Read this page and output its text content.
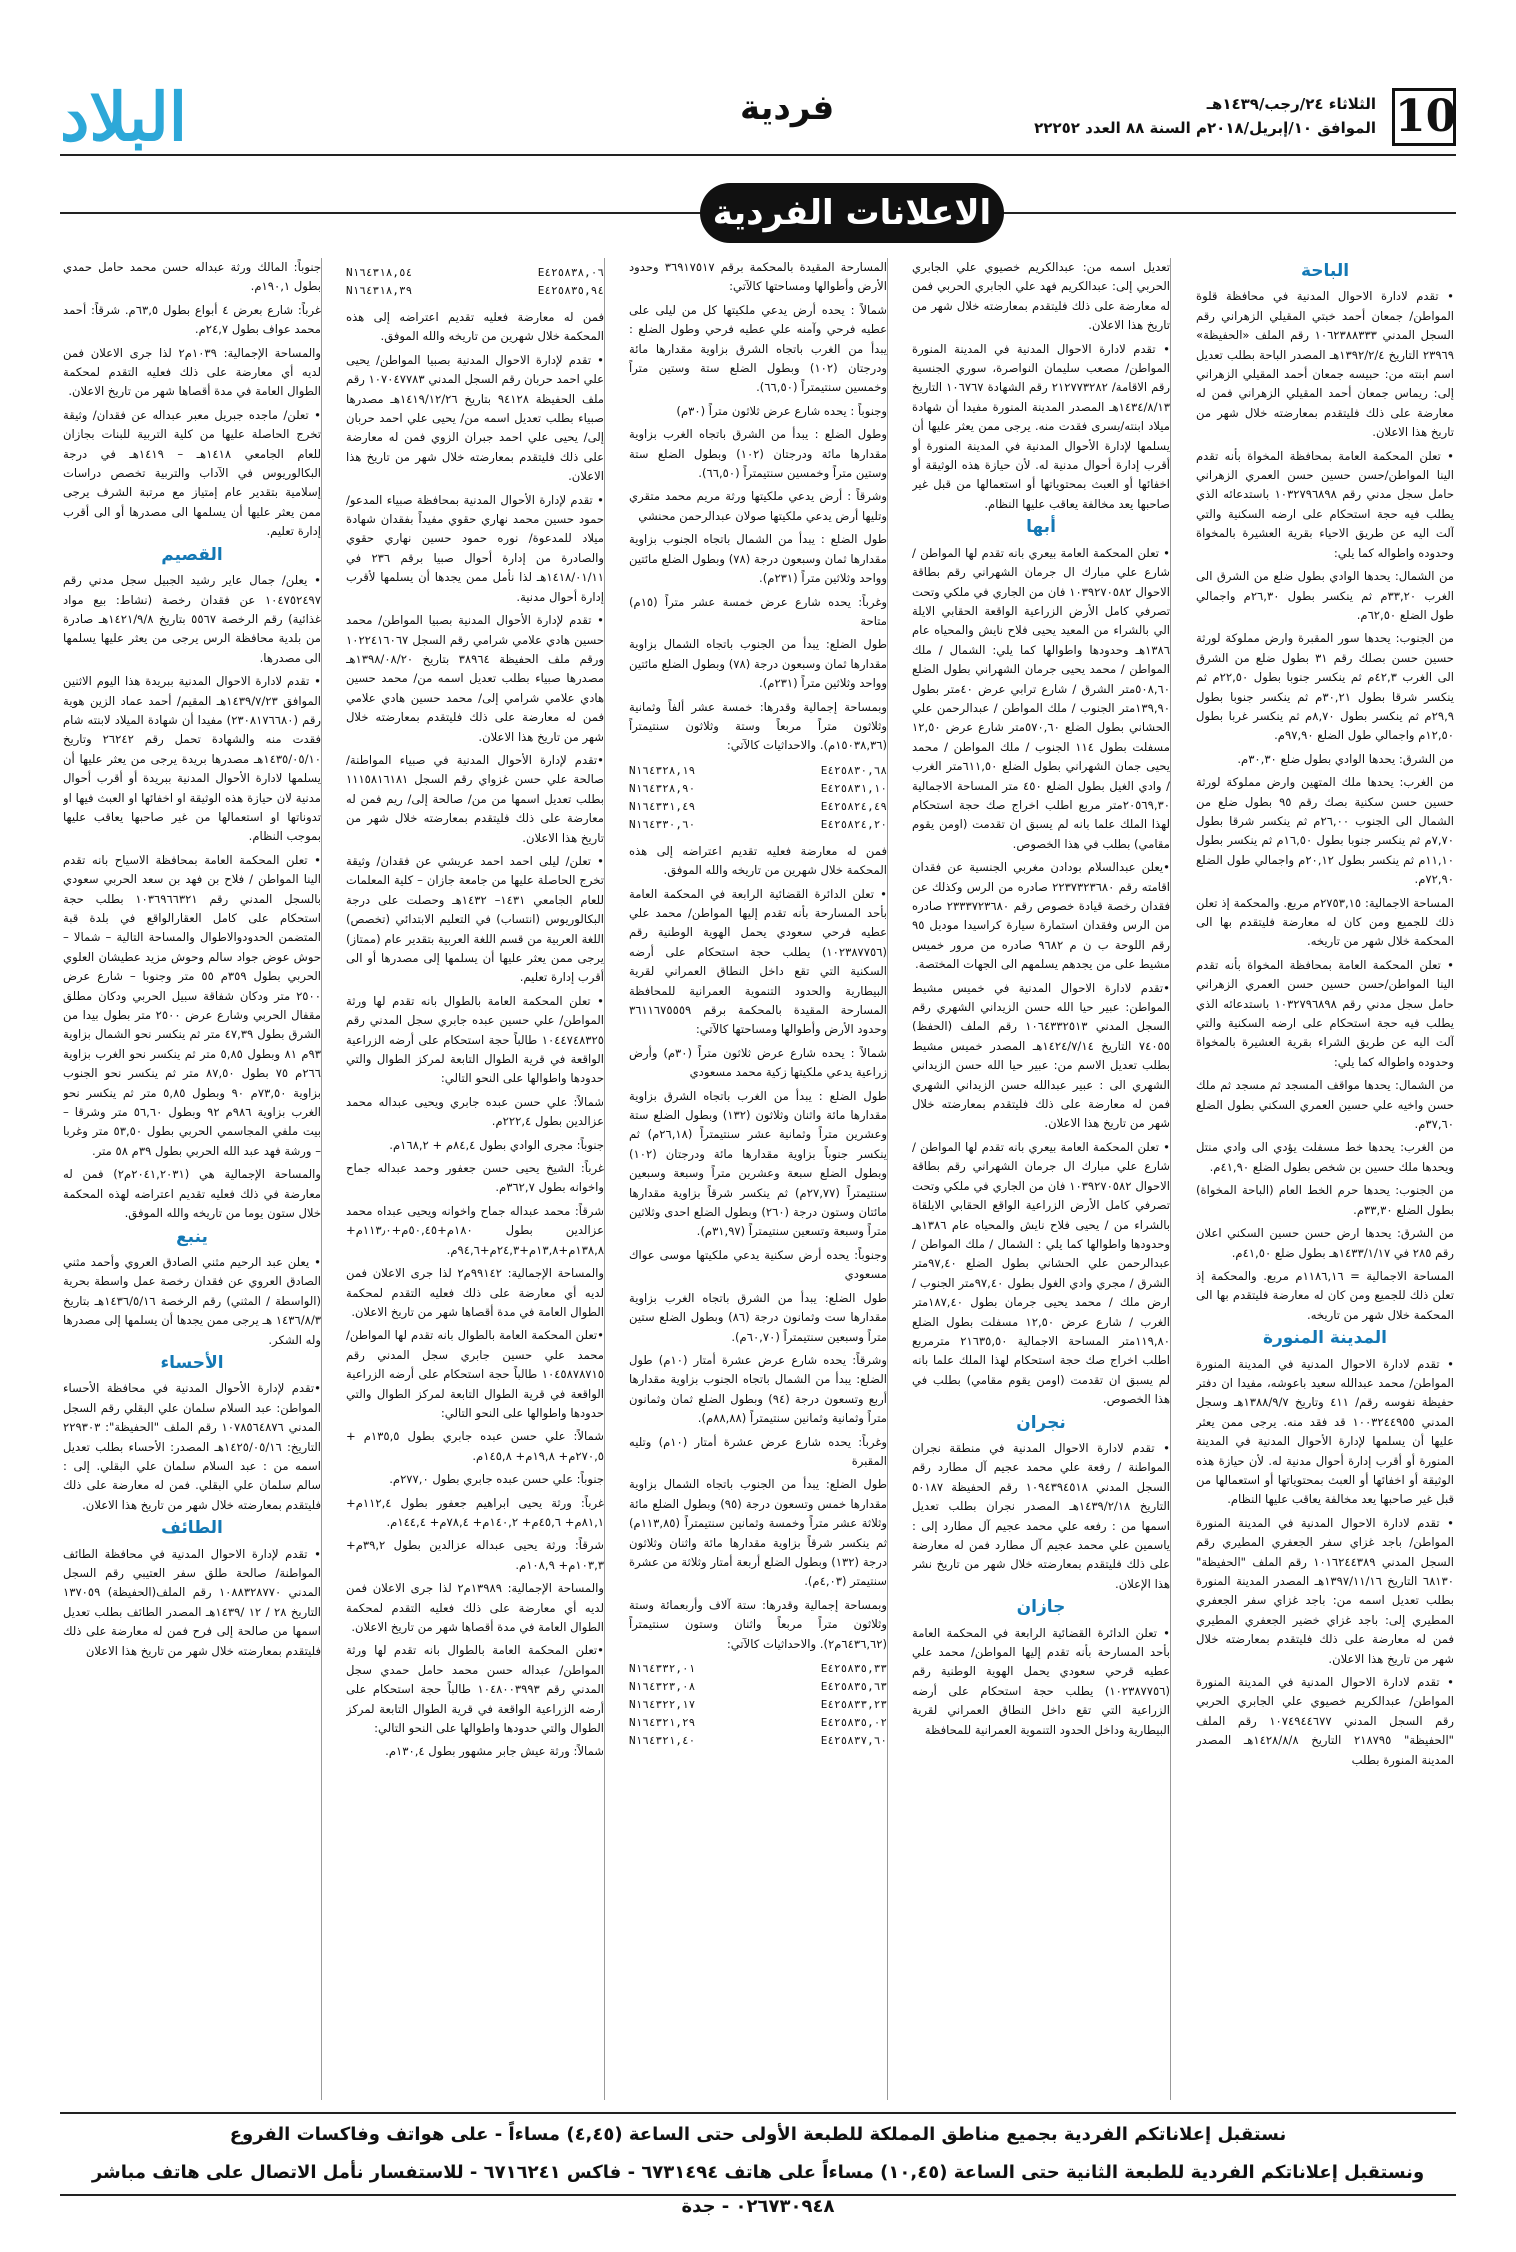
10
الثلاثاء ٢٤/رجب/١٤٣٩هـ
الموافق ١٠/إبريل/٢٠١٨م السنة ٨٨ العدد ٢٢٢٥٢
فردية
البلاد
الاعلانات الفردية
الباحة

• تقدم لادارة الاحوال المدنية في محافظة قلوة المواطن/ جمعان أحمد خبتي المقيلي الزهراني رقم السجل المدني ١٠٦٢٣٨٨٣٣٣ رقم الملف «الحفيظة» ٢٣٩٦٩ التاريخ ١٣٩٢/٢/٤هـ المصدر الباحة بطلب تعديل اسم ابنته من: حبيسه جمعان أحمد المقيلي الزهراني إلى: ريماس جمعان أحمد المقيلي الزهراني فمن له معارضة على ذلك فليتقدم بمعارضته خلال شهر من تاريخ هذا الاعلان.

• تعلن المحكمة العامة بمحافظة المخواة بأنه تقدم الينا المواطن/حسن حسين حسن العمري الزهراني حامل سجل مدني رقم ١٠٣٢٧٩٦٨٩٨ باستدعائه الذي يطلب فيه حجة استحكام على ارضه السكنية والتي آلت اليه عن طريق الاحياء بقرية العشيرة بالمخواة وحدوده واطواله كما يلي:

من الشمال: يحدها الوادي بطول ضلع من الشرق الى الغرب ٣٣,٢٠م ثم ينكسر بطول ٢٦,٣٠م واجمالي طول الضلع ٦٢,٥٠م.

من الجنوب: يحدها سور المقبرة وارض مملوكة لورثة حسين حسن بصلك رقم ٣١ بطول ضلع من الشرق الى الغرب ٤٢,٣م ثم ينكسر جنوبا بطول ٢٢,٥٠م ثم ينكسر شرقا بطول ٣٠,٢١م ثم ينكسر جنوبا بطول ٢٩,٩م ثم ينكسر بطول ٨,٧٠م ثم ينكسر غربا بطول ١٢,٥٠م واجمالي طول الضلع ٩٧,٩٠م.

من الشرق: يحدها الوادي بطول ضلع ٣٠,٣٠م.

من الغرب: يحدها ملك المتهين وارض مملوكة لورثة حسين حسن سكنية بصك رقم ٩٥ بطول ضلع من الشمال الى الجنوب ٢٦,٠٠م ثم ينكسر شرقا بطول ٧,٧٠م ثم ينكسر جنوبا بطول ١٦,٥٠م ثم ينكسر بطول ١١,١٠م ثم ينكسر بطول ٢٠,١٢م واجمالي طول الضلع ٧٢,٩٠م.

المساحة الاجمالية: ٢٧٥٣,١٥م مربع. والمحكمة إذ تعلن ذلك للجميع ومن كان له معارضة فليتقدم بها الى المحكمة خلال شهر من تاريخه.

• تعلن المحكمة العامة بمحافظة المخواة بأنه تقدم الينا المواطن/حسن حسين حسن العمري الزهراني حامل سجل مدني رقم ١٠٣٢٧٩٦٨٩٨ باستدعائه الذي يطلب فيه حجة استحكام على ارضه السكنية والتي آلت اليه عن طريق الشراء بقرية العشيرة بالمخواة وحدوده واطواله كما يلي:

من الشمال: يحدها مواقف المسجد ثم مسجد ثم ملك حسن واخيه علي حسين العمري السكني بطول الضلع ٣٧,٦٠م.

من الغرب: يحدها خط مسفلت يؤدي الى وادي منتل ويحدها ملك حسين بن شخص بطول الضلع ٤١,٩٠م.

من الجنوب: يحدها حرم الخط العام (الباحة المخواة) بطول الضلع ٣٣,٣٠م.

من الشرق: يحدها ارض حسن حسين السكني اعلان رقم ٢٨٥ في ١٤٣٣/١/١٧هـ بطول ضلع ٤١,٥٠م.

المساحة الاجمالية = ١١٨٦,١٦م مربع. والمحكمة إذ تعلن ذلك للجميع ومن كان له معارضة فليتقدم بها الى المحكمة خلال شهر من تاريخه.

المدينة المنورة

• تقدم لادارة الاحوال المدنية في المدينة المنورة المواطن/ محمد عبدالله سعيد باعوشه، مفيدا ان دفتر حفيظة نفوسه رقم/ ٤١١ وتاريخ ١٣٨٨/٩/٧هـ وسجل المدني ١٠٠٣٢٤٤٩٥٥ قد فقد منه. يرجى ممن يعثر عليها أن يسلمها لإدارة الأحوال المدنية في المدينة المنورة أو أقرب إدارة أحوال مدنية له. لأن حيازة هذه الوثيقة أو اخفائها أو العبث بمحتوياتها أو استعمالها من قبل غير صاحبها يعد مخالفة يعاقب عليها النظام.

• تقدم لادارة الاحوال المدنية في المدينة المنورة المواطن/ باجد غزاي سفر الجعفري المطيري رقم السجل المدني ١٠١٦٢٤٤٣٨٩ رقم الملف "الحفيظة" ٦٨١٣٠ التاريخ ١٣٩٧/١١/١٦هـ المصدر المدينة المنورة بطلب تعديل اسمه من: باجد غزاي سفر الجعفري المطيري إلى: باجد غزاي خضير الجعفري المطيري فمن له معارضة على ذلك فليتقدم بمعارضته خلال شهر من تاريخ هذا الاعلان.

• تقدم لادارة الاحوال المدنية في المدينة المنورة المواطن/ عبدالكريم خصيوي علي الجابري الحربي رقم السجل المدني ١٠٧٤٩٤٤٦٧٧ رقم الملف "الحفيظة" ٢١٨٧٩٥ التاريخ ١٤٢٨/٨/٨هـ المصدر المدينة المنورة بطلب

تعديل اسمه من: عبدالكريم خصيوي علي الجابري الحربي إلى: عبدالكريم فهد علي الجابري الحربي فمن له معارضة على ذلك فليتقدم بمعارضته خلال شهر من تاريخ هذا الاعلان.

• تقدم لادارة الاحوال المدنية في المدينة المنورة المواطن/ مصعب سليمان النواصرة، سوري الجنسية رقم الاقامة/ ٢١٢٧٧٣٢٨٢ رقم الشهادة ١٠٦٧٦٧ التاريخ ١٤٣٤/٨/١٣هـ المصدر المدينة المنورة مفيدا أن شهادة ميلاد ابنته/يسرى فقدت منه. يرجى ممن يعثر عليها أن يسلمها لإدارة الأحوال المدنية في المدينة المنورة أو أقرب إدارة أحوال مدنية له. لأن حيازة هذه الوثيقة أو اخفائها أو العبث بمحتوياتها أو استعمالها من قبل غير صاحبها يعد مخالفة يعاقب عليها النظام.

أبها

• تعلن المحكمة العامة بيعري بانه تقدم لها المواطن / شارع علي مبارك ال جرمان الشهراني رقم بطاقة الاحوال ١٠٣٩٢٧٠٥٨٢ فان من الجاري في ملكي وتحت تصرفي كامل الأرض الزراعية الواقعة الحقابي الايلة الي بالشراء من المعيد يحيى فلاح نايش والمحياه عام ١٣٨٦هـ وحدودها واطوالها كما يلي: الشمال / ملك المواطن / محمد يحيى جرمان الشهراني بطول الضلع ٥٠٨,٦٠متر الشرق / شارع ترابي عرض ٤٠متر بطول ١٣٩,٩٠متر الجنوب / ملك المواطن / عبدالرحمن علي الحشاني بطول الضلع ٥٧٠,٦٠متر شارع عرض ١٢,٥٠ مسفلت بطول ١١٤ الجنوب / ملك المواطن / محمد يحيى جمان الشهراني بطول الضلع ٦١١,٥٠متر الغرب / وادي الغيل بطول الضلع ٤٥٠ متر المساحة الاجمالية ٢٠٥٦٩,٣٠متر مربع اطلب اخراج صك حجة استحكام لهذا الملك علما بانه لم يسبق ان تقدمت (اومن يقوم مقامي) بطلب في هذا الخصوص.

•يعلن عبدالسلام بودادن مغربي الجنسية عن فقدان اقامته رقم ٢٢٣٧٣٢٣٦٨٠ صادره من الرس وكذلك عن فقدان رخصة قيادة خصوص رقم ٢٣٣٣٧٢٣٦٨٠ صادره من الرس وفقدان استمارة سيارة كراسيدا موديل ٩٥ رقم اللوحة ب ن م ٩٦٨٢ صادره من مرور خميس مشيط على من يجدهم يسلمهم الى الجهات المختصة.

•تقدم لادارة الاحوال المدنية في خميس مشيط المواطن: عبير حيا الله حسن الزيداني الشهري رقم السجل المدني ١٠٦٤٣٣٢٥١٣ رقم الملف (الحفظ) ٧٤٠٥٥ التاريخ ١٤٢٤/٧/١٤هـ المصدر خميس مشيط بطلب تعديل الاسم من: عبير حيا الله حسن الزيداني الشهري الى : عبير عبدالله حسن الزيداني الشهري فمن له معارضة على ذلك فليتقدم بمعارضته خلال شهر من تاريخ هذا الاعلان.

• تعلن المحكمة العامة بيعري بانه تقدم لها المواطن / شارع علي مبارك ال جرمان الشهراني رقم بطاقة الاحوال ١٠٣٩٢٧٠٥٨٢ فان من الجاري في ملكي وتحت تصرفي كامل الأرض الزراعية الواقع الحقابي الايلقاة بالشراء من / يحيى فلاح نايش والمحياه عام ١٣٨٦هـ وحدودها واطوالها كما يلي : الشمال / ملك المواطن / عبدالرحمن علي الحشاني بطول الضلع ٩٧,٤٠متر الشرق / مجري وادي الغول بطول ٩٧,٤٠متر الجنوب / ارض ملك / محمد يحيى جرمان بطول ١٨٧,٤٠متر الغرب / شارع عرض ١٢,٥٠ مسفلت بطول الضلع ١١٩,٨٠متر المساحة الاجمالية ٢١٦٣٥,٥٠ مترمربع اطلب اخراج صك حجة استحكام لهذا الملك علما بانه لم يسبق ان تقدمت (اومن يقوم مقامي) بطلب في هذا الخصوص.

نجران

• تقدم لادارة الاحوال المدنية في منطقة نجران المواطنة / رفعة علي محمد عجيم آل مطارد رقم السجل المدني ١٠٩٤٣٩٤٥١٨ رقم الحفيظة ٥٠١٨٧ التاريخ ١٤٣٩/٢/١٨هـ المصدر نجران بطلب تعديل اسمها من : رفعه علي محمد عجيم آل مطارد إلى : ياسمين علي محمد عجيم آل مطارد فمن له معارضة على ذلك فليتقدم بمعارضته خلال شهر من تاريخ نشر هذا الإعلان.

جازان

• تعلن الدائرة القضائية الرابعة في المحكمة العامة بأحد المسارحة بأنه تقدم إليها المواطن/ محمد علي عطيه قرحي سعودي يحمل الهوية الوطنية رقم (١٠٢٣٨٧٧٥٦) يطلب حجة استحكام على أرضه الزراعية التي تقع داخل النطاق العمراني لقرية البيطارية وداخل الحدود التنموية العمرانية للمحافظة

المسارحة المقيدة بالمحكمة برقم ٣٦٩١٧٥١٧ وحدود الأرض وأطوالها ومساحتها كالآتي:

شمالاً : يحده أرض يدعي ملكيتها كل من ليلى على عطيه فرحي وآمنه علي عطيه فرحي وطول الضلع : يبدأ من الغرب باتجاه الشرق بزاوية مقدارها مائة ودرجتان (١٠٢) وبطول الضلع ستة وستين متراً وخمسين سنتيمتراً (٦٦,٥٠).

وجنوباً : يحده شارع عرض ثلاثون متراً (٣٠م)

وطول الضلع : يبدأ من الشرق باتجاه الغرب بزاوية مقدارها مائة ودرجتان (١٠٢) وبطول الضلع ستة وستين متراً وخمسين سنتيمتراً (٦٦,٥٠).

وشرقاً : أرض يدعي ملكيتها ورثة مريم محمد متقري وتليها أرض يدعي ملكيتها صولان عبدالرحمن محنشي

طول الضلع : يبدأ من الشمال باتجاه الجنوب بزاوية مقدارها ثمان وسبعون درجة (٧٨) وبطول الضلع مائتين وواحد وثلاثين متراً (٢٣١م).

وغرباً: يحده شارع عرض خمسة عشر متراً (١٥م) متاحة

طول الضلع: يبدأ من الجنوب باتجاه الشمال بزاوية مقدارها ثمان وسبعون درجة (٧٨) وبطول الضلع مائتين وواحد وثلاثين متراً (٢٣١م).

وبمساحة إجمالية وقدرها: خمسة عشر ألفاً وثمانية وثلاثون متراً مربعاً وستة وثلاثون سنتيمتراً (١٥٠٣٨,٣٦م). والاحداثيات كالآتي:

N١٦٤٣٢٨,١٩	E٤٢٥٨٣٠,٦٨
N١٦٤٣٢٨,٩٠	E٤٢٥٨٣١,١٠
N١٦٤٣٣١,٤٩	E٤٢٥٨٢٤,٤٩
N١٦٤٣٣٠,٦٠	E٤٢٥٨٢٤,٢٠

فمن له معارضة فعليه تقديم اعتراضه إلى هذه المحكمة خلال شهرين من تاريخه والله الموفق.

• تعلن الدائرة القضائية الرابعة في المحكمة العامة بأحد المسارحة بأنه تقدم إليها المواطن/ محمد علي عطيه فرحي سعودي يحمل الهوية الوطنية رقم (١٠٢٣٨٧٧٥٦) يطلب حجة استحكام على أرضه السكنية التي تقع داخل النطاق العمراني لقرية البيطارية والحدود التنموية العمرانية للمحافظة المسارحة المقيدة بالمحكمة برقم ٣٦١١٦٧٥٥٥٩ وحدود الأرض وأطوالها ومساحتها كالآتي:

شمالاً : يحده شارع عرض ثلاثون متراً (٣٠م) وأرض زراعية يدعي ملكيتها زكية محمد مسعودي

طول الضلع : يبدأ من الغرب باتجاه الشرق بزاوية مقدارها مائة واثنان وثلاثون (١٣٢) وبطول الضلع ستة وعشرين متراً وثمانية عشر سنتيمتراً (٢٦,١٨م) ثم ينكسر جنوباً بزاوية مقدارها مائة ودرجتان (١٠٢) وبطول الضلع سبعة وعشرين متراً وسبعة وسبعين سنتيمتراً (٢٧,٧٧م) ثم ينكسر شرقاً بزاوية مقدارها مائتان وستون درجة (٢٦٠) وبطول الضلع احدى وثلاثين متراً وسبعة وتسعين سنتيمتراً (٣١,٩٧م).

وجنوباً: يحده أرض سكنية يدعي ملكيتها موسى عواك مسعودي

طول الضلع: يبدأ من الشرق باتجاه الغرب بزاوية مقدارها ست وثمانون درجة (٨٦) وبطول الضلع ستين متراً وسبعين سنتيمتراً (٦٠,٧٠م).

وشرقاً: يحده شارع عرض عشرة أمتار (١٠م) طول الضلع: يبدأ من الشمال باتجاه الجنوب بزاوية مقدارها أربع وتسعون درجة (٩٤) وبطول الضلع ثمان وثمانون متراً وثمانية وثمانين سنتيمتراً (٨٨,٨٨م).

وغرباً: يحده شارع عرض عشرة أمتار (١٠م) وتليه المقبرة

طول الضلع: يبدأ من الجنوب باتجاه الشمال بزاوية مقدارها خمس وتسعون درجة (٩٥) وبطول الضلع مائة وثلاثة عشر متراً وخمسة وثمانين سنتيمتراً (١١٣,٨٥م) ثم ينكسر شرقاً بزاوية مقدارها مائة واثنان وثلاثون درجة (١٣٢) وبطول الضلع أربعة أمتار وثلاثة من عشرة سنتيمتر (٤,٠٣م).

وبمساحة إجمالية وقدرها: ستة آلاف وأربعمائة وستة وثلاثون متراً مربعاً واثنان وستون سنتيمتراً (٦٤٣٦,٦٢م٢). والاحداثيات كالآتي:

N١٦٤٣٣٢,٠١	E٤٢٥٨٣٥,٣٣
N١٦٤٣٢٣,٠٨	E٤٢٥٨٣٥,٦٣
N١٦٤٣٢٢,١٧	E٤٢٥٨٣٣,٢٣
N١٦٤٣٢١,٢٩	E٤٢٥٨٣٥,٠٢
N١٦٤٣٢١,٤٠	E٤٢٥٨٣٧,٦٠
N١٦٤٣١٨,٥٤	E٤٢٥٨٣٨,٠٦
N١٦٤٣١٨,٣٩	E٤٢٥٨٣٥,٩٤

فمن له معارضة فعليه تقديم اعتراضه إلى هذه المحكمة خلال شهرين من تاريخه والله الموفق.

• تقدم لإدارة الاحوال المدنية بصبيا المواطن/ يحيى علي احمد حربان رقم السجل المدني ١٠٧٠٤٧٧٨٣ رقم ملف الحفيظة ٩٤١٢٨ بتاريخ ١٤١٩/١٢/٢٦هـ مصدرها صبياء بطلب تعديل اسمه من/ يحيى علي احمد حربان إلى/ يحيى علي احمد جبران الزوي فمن له معارضة على ذلك فليتقدم بمعارضته خلال شهر من تاريخ هذا الاعلان.

• تقدم لإدارة الأحوال المدنية بمحافظة صبياء المدعو/ حمود حسين محمد نهاري حقوي مفيداً بفقدان شهادة ميلاد للمدعوة/ نوره حمود حسين نهاري حقوي والصادرة من إدارة أحوال صبيا برقم ٢٣٦ في ١٤١٨/٠١/١١هـ لذا نأمل ممن يجدها أن يسلمها لأقرب إدارة أحوال مدنية.

• تقدم لإدارة الأحوال المدنية بصبيا المواطن/ محمد حسين هادي علامي شرامي رقم السجل ١٠٢٢٤١٦٠٦٧ ورقم ملف الحفيظة ٣٨٩٦٤ بتاريخ ١٣٩٨/٠٨/٢٠هـ مصدرها صبياء بطلب تعديل اسمه من/ محمد حسين هادي علامي شرامي إلى/ محمد حسين هادي علامي فمن له معارضة على ذلك فليتقدم بمعارضته خلال شهر من تاريخ هذا الاعلان.

•تقدم لإدارة الأحوال المدنية في صبياء المواطنة/ صالحة علي حسن غزواي رقم السجل ١١١٥٨١٦١٨١ بطلب تعديل اسمها من من/ صالحة إلى/ ريم فمن له معارضة على ذلك فليتقدم بمعارضته خلال شهر من تاريخ هذا الاعلان.

• تعلن/ ليلى احمد احمد عريشي عن فقدان/ وثيقة تخرج الحاصلة عليها من جامعة جازان – كلية المعلمات للعام الجامعي ١٤٣١– ١٤٣٢هـ وحصلت على درجة البكالوريوس (انتساب) في التعليم الابتدائي (تخصص) اللغة العربية من قسم اللغة العربية بتقدير عام (ممتاز) يرجى ممن يعثر عليها أن يسلمها إلى مصدرها أو الى أقرب إدارة تعليم.

• تعلن المحكمة العامة بالطوال بانه تقدم لها ورثة المواطن/ علي حسين عبده جابري سجل المدني رقم ١٠٤٤٧٤٨٣٢٥ طالباً حجة استحكام على أرضه الزراعية الواقعة في قرية الطوال التابعة لمركز الطوال والتي حدودها واطوالها على النحو التالي:

شمالاً: علي حسن عبده جابري ويحيى عبداله محمد عزالدين بطول ٢٢٢,٤م.

جنوباً: مجرى الوادي بطول ٨٤,٤م + ١٦٨,٢م.

غرباً: الشيخ يحيى حسن جعفور وحمد عبداله جماح واخوانه بطول ٣٦٢,٧م.

شرقاً: محمد عبداله جماح واخوانه ويحيى عبداه محمد عزالدين بطول ١٨٠م+٥٠,٤٥م+١١٣٫٠م+ ١٣٨,٨م+١٣,٨م+٢٤,٣م+٩٤,٦م.

والمساحة الإجمالية: ٩٩١٤٢م٢ لذا جرى الاعلان فمن لديه أي معارضة على ذلك فعليه التقدم لمحكمة الطوال العامة في مدة أقصاها شهر من تاريخ الاعلان.

•تعلن المحكمة العامة بالطوال بانه تقدم لها المواطن/ محمد علي حسين جابري سجل المدني رقم ١٠٤٥٨٧٨٧١٥ طالباً حجة استحكام على أرضه الزراعية الواقعة في قرية الطوال التابعة لمركز الطوال والتي حدودها واطوالها على النحو التالي:

شمالاً: علي حسن عبده جابري بطول ١٣٥,٥م + ٢٧٠,٥م+ ١٩,٨م+ ١٤٥,٨م.

جنوباً: علي حسن عبده جابري بطول ٢٧٧,٠م.

غرباً: ورثة يحيى ابراهيم جعفور بطول ١١٢,٤م+ ٨١,١م+ ٤٥,٦م+ ١٤٠,٢م+ ٧٨,٤م+ ١٤٤,٤م.

شرقاً: ورثة يحيى عبداله عزالدين بطول ٣٩,٢م+ ١٠٣,٣م+ ١٠٨,٩م.

والمساحة الإجمالية: ١٣٩٨٩م٢ لذا جرى الاعلان فمن لديه أي معارضة على ذلك فعليه التقدم لمحكمة الطوال العامة في مدة أقصاها شهر من تاريخ الاعلان.

•تعلن المحكمة العامة بالطوال بانه تقدم لها ورثة المواطن/ عبداله حسن محمد حامل حمدي سجل المدني رقم ١٠٤٨٠٠٣٩٩٣ طالباً حجة استحكام على أرضه الزراعية الواقعة في قرية الطوال التابعة لمركز الطوال والتي حدودها واطوالها على النحو التالي:

شمالاً: ورثة عيش جابر مشهور بطول ١٣٠,٤م.

جنوباً: المالك ورثة عبداله حسن محمد حامل حمدي بطول ١٩٠,١م.

غرباً: شارع بعرض ٤ أبواع بطول ٦٣,٥م. شرقاً: أحمد محمد عواف بطول ٢٤,٧م.

والمساحة الإجمالية: ١٠٣٩م٢ لذا جرى الاعلان فمن لديه أي معارضة على ذلك فعليه التقدم لمحكمة الطوال العامة في مدة أقصاها شهر من تاريخ الاعلان.

• تعلن/ ماجده جبريل معبر عبداله عن فقدان/ وثيقة تخرج الحاصلة عليها من كلية التربية للبنات بجازان للعام الجامعي ١٤١٨هـ – ١٤١٩هـ في درجة البكالوريوس في الآداب والتربية تخصص دراسات إسلامية بتقدير عام إمتياز مع مرتبة الشرف يرجى ممن يعثر عليها أن يسلمها الى مصدرها أو الى أقرب إدارة تعليم.

القصيم

• يعلن/ جمال عاير رشيد الجبيل سجل مدني رقم ١٠٤٧٥٢٤٩٧ عن فقدان رخصة (نشاط: بيع مواد غذائية) رقم الرخصة ٥٥٦٧ بتاريخ ١٤٢١/٩/٨هـ صادرة من بلدية محافظة الرس يرجى من يعثر عليها يسلمها الى مصدرها.

• تقدم لادارة الاحوال المدنية ببريدة هذا اليوم الاثنين الموافق ١٤٣٩/٧/٢٣هـ المقيم/ أحمد عماد الزين هوية رقم (٢٣٠٨١٧٦٦٨٠) مفيدا أن شهادة الميلاد لابنته شام فقدت منه والشهادة تحمل رقم ٢٦٢٤٢ وتاريخ ١٤٣٥/٠٥/١٠هـ مصدرها بريدة يرجى من يعثر عليها أن يسلمها لادارة الأحوال المدنية ببريدة أو أقرب أحوال مدنية لان حيازة هذه الوثيقة او اخفائها او العبث فيها او تدوناتها او استعمالها من غير صاحبها يعاقب عليها بموجب النظام.

• تعلن المحكمة العامة بمحافظة الاسياح بانه تقدم الينا المواطن / فلاح بن فهد بن سعد الحربي سعودي بالسجل المدني رقم ١٠٣٦٩٦٦٣٢١ بطلب حجة استحكام على كامل العقارالواقع في بلدة قبة المتضمن الحدودوالاطوال والمساحة التالية – شمالا – حوش عوض جواد سالم وحوش مزيد عطيشان العلوي الحربي بطول ٣٥٩م ٥٥ متر وجنوبا – شارع عرض ٢٥٠٠ متر ودكان شفاقة سبيل الحربي ودكان مطلق مقفال الحربي وشارع عرض ٢٥٠٠ متر بطول بيدا من الشرق بطول ٤٧,٣٩ متر ثم ينكسر نحو الشمال بزاوية ٩٣م ٨١ وبطول ٥,٨٥ متر ثم ينكسر نحو الغرب بزاوية ٢٦٦م ٧٥ بطول ٨٧,٥٠ متر ثم ينكسر نحو الجنوب بزاوية ٧٣,٥٠م ٩٠ وبطول ٥,٨٥ متر ثم ينكسر نحو الغرب بزاوية ٩٨٦م ٩٢ وبطول ٥٦,٦٠ متر وشرقا – بيت ملفي المجاسمي الحربي بطول ٥٣,٥٠ متر وغربا – ورشة فهد عبد الله الحربي بطول ٣٩م ٥٨ متر.

والمساحة الإجمالية هي (٢٠٤١,٢٠٣١م٢) فمن له معارضة في ذلك فعليه تقديم اعتراضه لهذه المحكمة خلال ستون يوما من تاريخه والله الموفق.

ينبع

• يعلن عبد الرحيم مثني الصادق العروي وأحمد مثني الصادق العروي عن فقدان رخصة عمل واسطة بحرية (الواسطة / المثني) رقم الرخصة ١٤٣٦/٥/١٦هـ بتاريخ ١٤٣٦/٨/٣ هـ يرجى ممن يجدها أن يسلمها إلى مصدرها وله الشكر.

الأحساء

•تقدم لإدارة الأحوال المدنية في محافظة الأحساء المواطن: عبد السلام سلمان علي البقلي رقم السجل المدني ١٠٧٨٥٦٤٨٧٦ رقم الملف "الحفيظة": ٢٢٩٣٠٣ التاريخ: ١٤٢٥/٠٥/١٦هـ المصدر: الأحساء بطلب تعديل اسمه من : عبد السلام سلمان علي البقلي. إلى : سالم سلمان علي البقلي. فمن له معارضة على ذلك فليتقدم بمعارضته خلال شهر من تاريخ هذا الاعلان.

الطائف

• تقدم لإدارة الاحوال المدنية في محافظة الطائف المواطنة/ صالحة طلق سفر العتيبي رقم السجل المدني ١٠٨٨٣٢٨٧٧٠ رقم الملف(الحفيظة) ١٣٧٠٥٩ التاريخ ٢٨ / ١٢ /١٤٣٩هـ المصدر الطائف بطلب تعديل اسمها من صالحة إلى فرح فمن له معارضة على ذلك فليتقدم بمعارضته خلال شهر من تاريخ هذا الاعلان

نستقبل إعلاناتكم الفردية بجميع مناطق المملكة للطبعة الأولى حتى الساعة (٤,٤٥) مساءاً - على هواتف وفاكسات الفروع
ونستقبل إعلاناتكم الفردية للطبعة الثانية حتى الساعة (١٠,٤٥) مساءاً على هاتف ٦٧٣١٤٩٤ - فاكس ٦٧١٦٢٤١ - للاستفسار نأمل الاتصال على هاتف مباشر ٠٢٦٧٣٠٩٤٨ - جدة
